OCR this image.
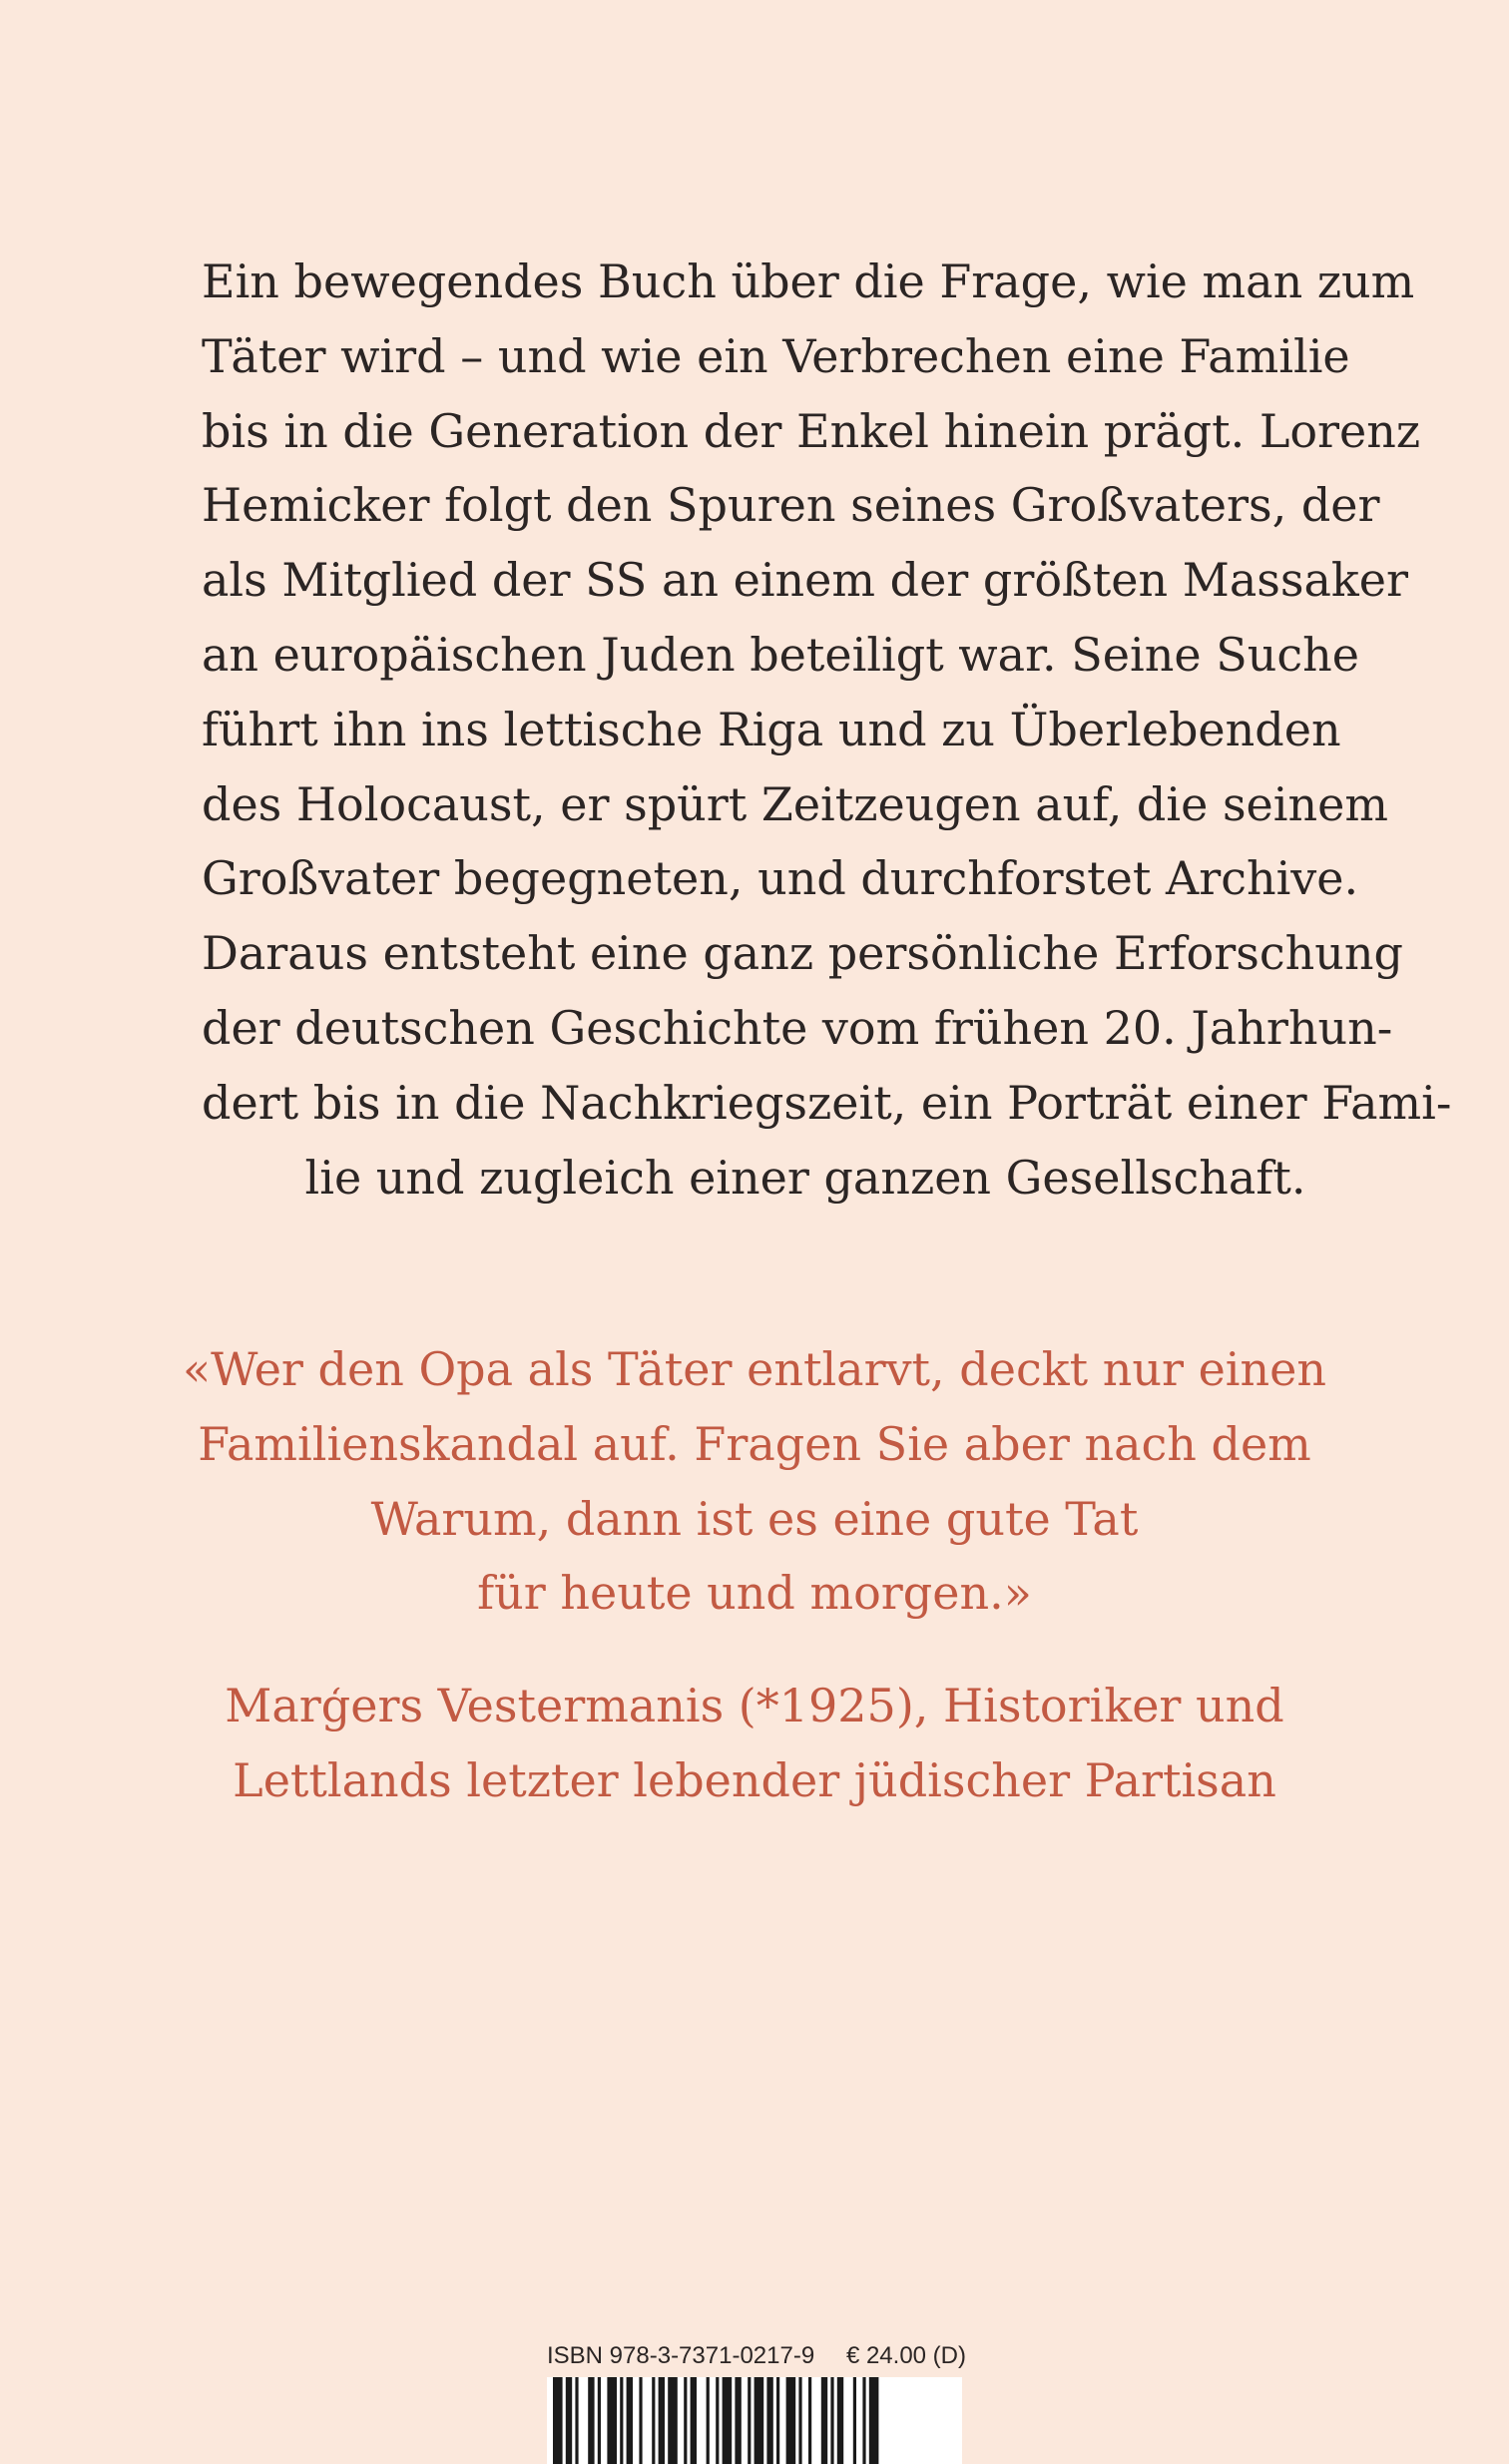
Ein bewegendes Buch über die Frage, wie man zum
Täter wird – und wie ein Verbrechen eine Familie
bis in die Generation der Enkel hinein prägt. Lorenz
Hemicker folgt den Spuren seines Großvaters, der
als Mitglied der SS an einem der größten Massaker
an europäischen Juden beteiligt war. Seine Suche
führt ihn ins lettische Riga und zu Überlebenden
des Holocaust, er spürt Zeitzeugen auf, die seinem
Großvater begegneten, und durchforstet Archive.
Daraus entsteht eine ganz persönliche Erforschung
der deutschen Geschichte vom frühen 20. Jahrhun-
dert bis in die Nachkriegszeit, ein Porträt einer Fami-
lie und zugleich einer ganzen Gesellschaft.
«Wer den Opa als Täter entlarvt, deckt nur einen
Familienskandal auf. Fragen Sie aber nach dem
Warum, dann ist es eine gute Tat
für heute und morgen.»
Marģers Vestermanis (*1925), Historiker und
Lettlands letzter lebender jüdischer Partisan
ISBN 978-3-7371-0217-9 € 24.00 (D)
